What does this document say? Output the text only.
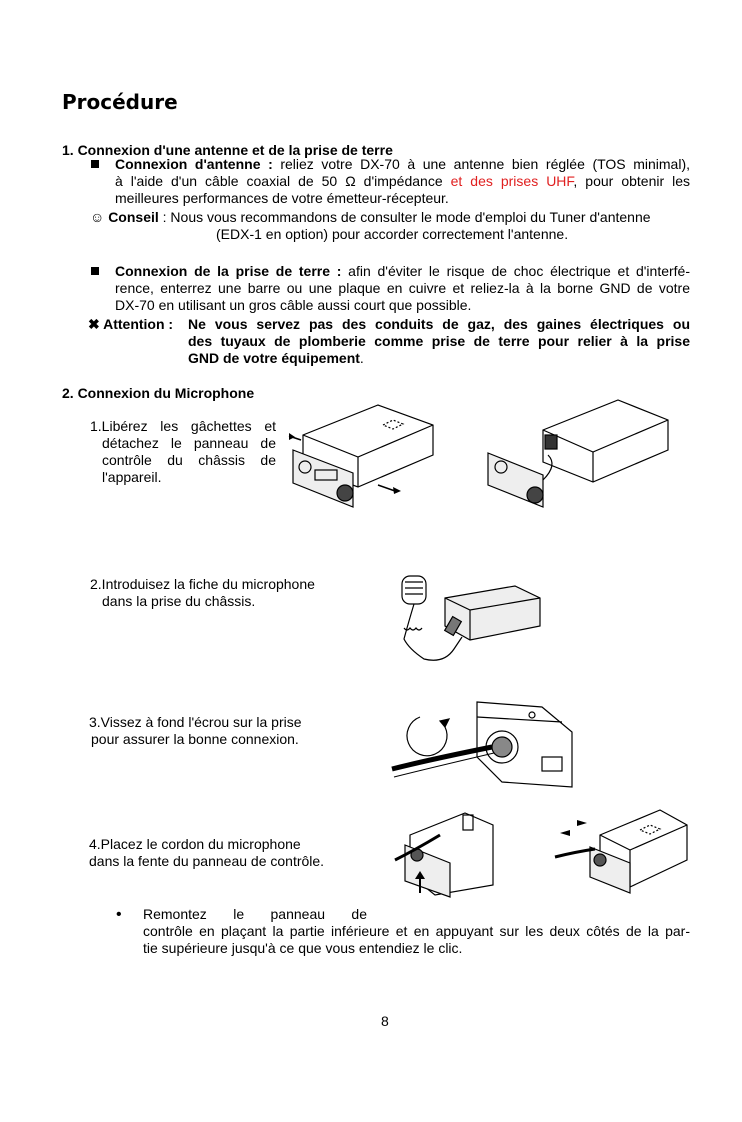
Procédure
1. Connexion d'une antenne et de la prise de terre
Connexion d'antenne : reliez votre DX-70 à une antenne bien réglée (TOS minimal),
à l'aide d'un câble coaxial de 50 Ω d'impédance et des prises UHF, pour obtenir les
meilleures performances de votre émetteur-récepteur.
☺ Conseil : Nous vous recommandons de consulter le mode d'emploi du Tuner d'antenne
(EDX-1 en option) pour accorder correctement l'antenne.
Connexion de la prise de terre : afin d'éviter le risque de choc électrique et d'interfé-
rence, enterrez une barre ou une plaque en cuivre et reliez-la à la borne GND de votre
DX-70 en utilisant un gros câble aussi court que possible.
✖ Attention :	Ne vous servez pas des conduits de gaz, des gaines électriques ou
des tuyaux de plomberie comme prise de terre pour relier à la prise
GND de votre équipement.
2. Connexion du Microphone
1.Libérez les gâchettes et
détachez le panneau de
contrôle du châssis de
l'appareil.
2.Introduisez la fiche du microphone
dans la prise du châssis.
3.Vissez à fond l'écrou sur la prise
pour assurer la bonne connexion.
4.Placez le cordon du microphone
dans la fente du panneau de contrôle.
• Remontez le panneau de
contrôle en plaçant la partie inférieure et en appuyant sur les deux côtés de la par-
tie supérieure jusqu'à ce que vous entendiez le clic.
8
